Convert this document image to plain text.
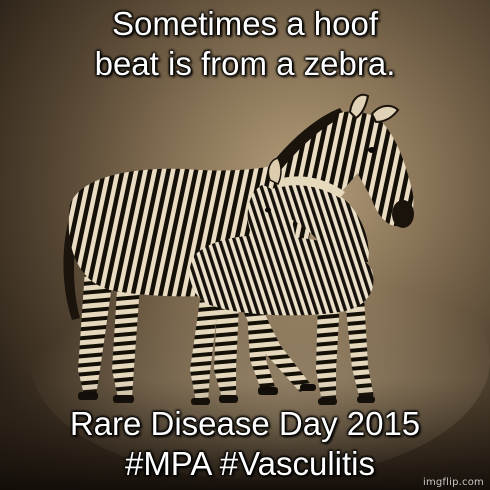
Sometimes a hoof
beat is from a zebra.
Rare Disease Day 2015
#MPA #Vasculitis
imgflip.com
